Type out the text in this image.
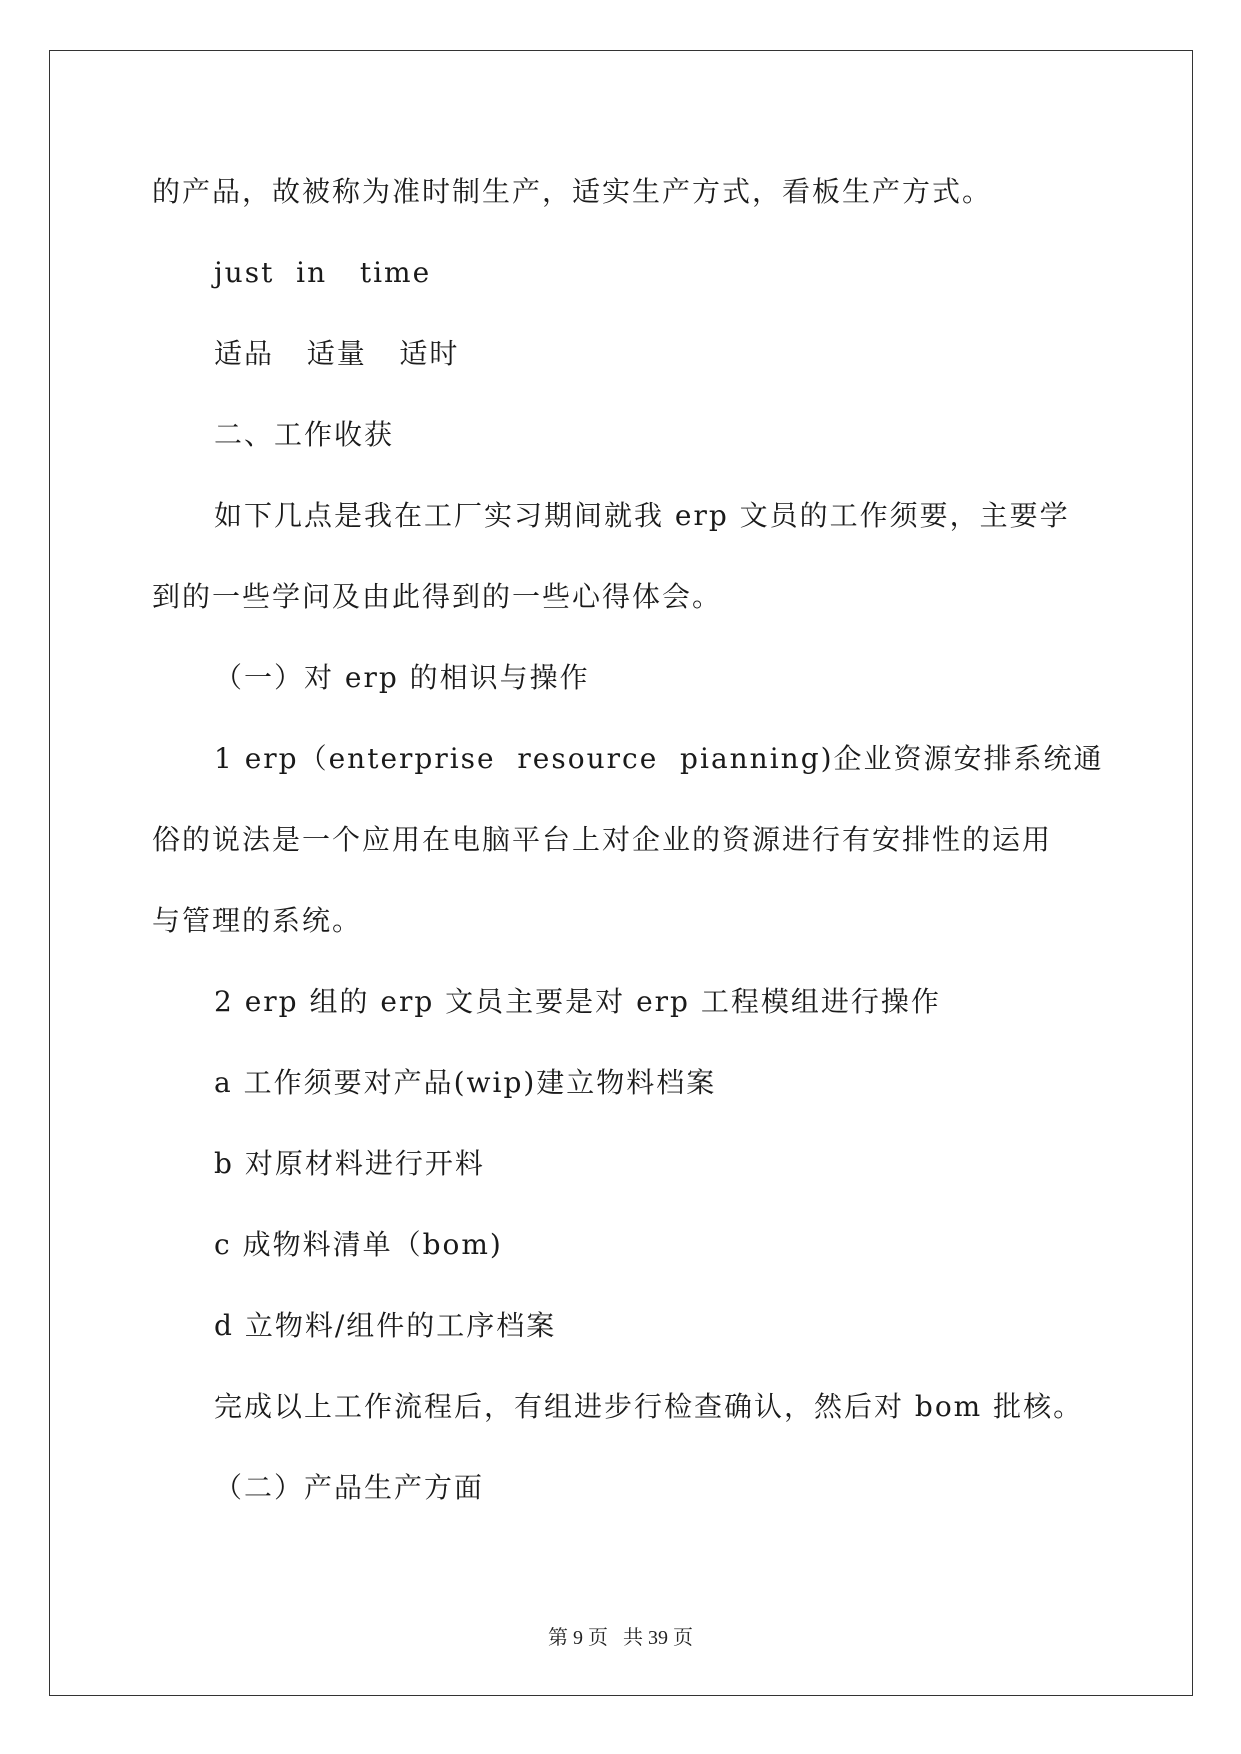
的产品，故被称为准时制生产，适实生产方式，看板生产方式。
just  in   time
适品   适量   适时
二、工作收获
如下几点是我在工厂实习期间就我 erp 文员的工作须要，主要学
到的一些学问及由此得到的一些心得体会。
（一）对 erp 的相识与操作
1 erp（enterprise  resource  pianning)企业资源安排系统通
俗的说法是一个应用在电脑平台上对企业的资源进行有安排性的运用
与管理的系统。
2 erp 组的 erp 文员主要是对 erp 工程模组进行操作
a 工作须要对产品(wip)建立物料档案
b 对原材料进行开料
c 成物料清单（bom)
d 立物料/组件的工序档案
完成以上工作流程后，有组进步行检查确认，然后对 bom 批核。
（二）产品生产方面
第 9 页   共 39 页
